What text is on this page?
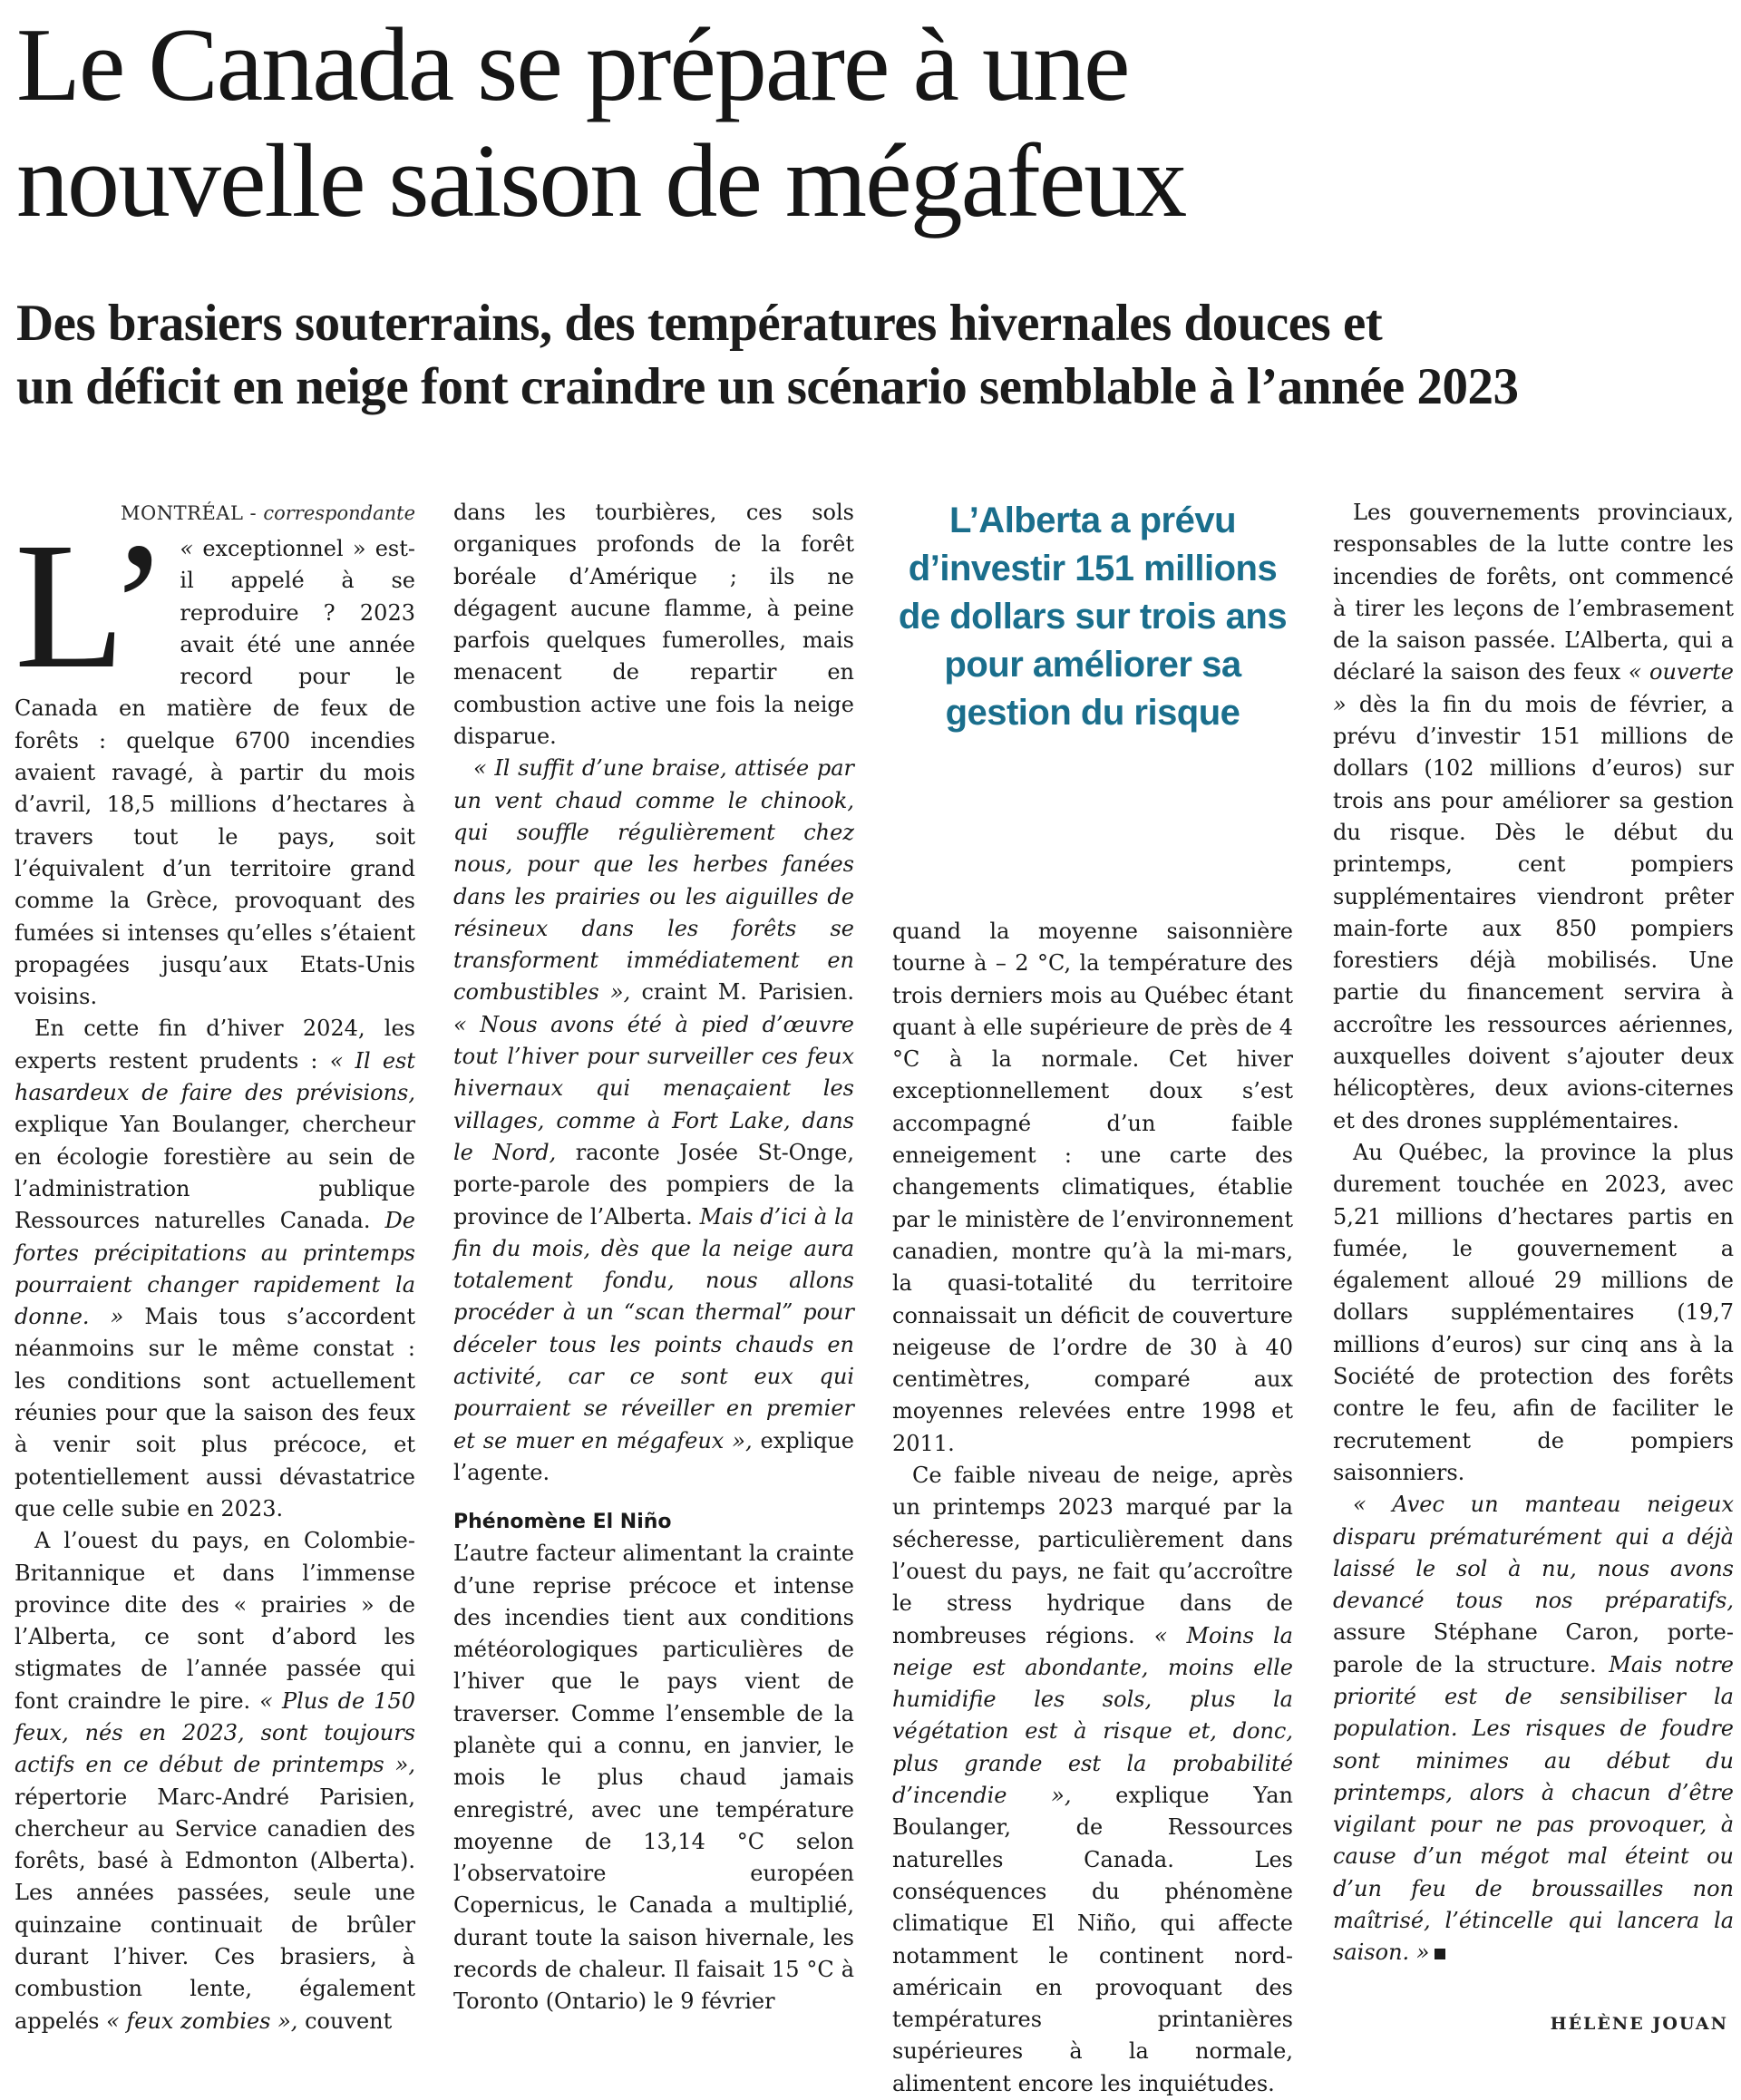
Le Canada se prépare à une
nouvelle saison de mégafeux
Des brasiers souterrains, des températures hivernales douces et
un déficit en neige font craindre un scénario semblable à l’année 2023
MONTRÉAL - correspondante

L’ « exceptionnel » est-il appelé à se reproduire ? 2023 avait été une année record pour le Canada en matière de feux de forêts : quelque 6700 incendies avaient ravagé, à partir du mois d’avril, 18,5 millions d’hectares à travers tout le pays, soit l’équivalent d’un territoire grand comme la Grèce, provoquant des fumées si intenses qu’elles s’étaient propagées jusqu’aux Etats-Unis voisins.

En cette fin d’hiver 2024, les experts restent prudents : « Il est hasardeux de faire des prévisions, explique Yan Boulanger, chercheur en écologie forestière au sein de l’administration publique Ressources naturelles Canada. De fortes précipitations au printemps pourraient changer rapidement la donne. » Mais tous s’accordent néanmoins sur le même constat : les conditions sont actuellement réunies pour que la saison des feux à venir soit plus précoce, et potentiellement aussi dévastatrice que celle subie en 2023.

A l’ouest du pays, en Colombie-Britannique et dans l’immense province dite des « prairies » de l’Alberta, ce sont d’abord les stigmates de l’année passée qui font craindre le pire. « Plus de 150 feux, nés en 2023, sont toujours actifs en ce début de printemps », répertorie Marc-André Parisien, chercheur au Service canadien des forêts, basé à Edmonton (Alberta). Les années passées, seule une quinzaine continuait de brûler durant l’hiver. Ces brasiers, à combustion lente, également appelés « feux zombies », couvent

dans les tourbières, ces sols organiques profonds de la forêt boréale d’Amérique ; ils ne dégagent aucune flamme, à peine parfois quelques fumerolles, mais menacent de repartir en combustion active une fois la neige disparue.

« Il suffit d’une braise, attisée par un vent chaud comme le chinook, qui souffle régulièrement chez nous, pour que les herbes fanées dans les prairies ou les aiguilles de résineux dans les forêts se transforment immédiatement en combustibles », craint M. Parisien. « Nous avons été à pied d’œuvre tout l’hiver pour surveiller ces feux hivernaux qui menaçaient les villages, comme à Fort Lake, dans le Nord, raconte Josée St-Onge, porte-parole des pompiers de la province de l’Alberta. Mais d’ici à la fin du mois, dès que la neige aura totalement fondu, nous allons procéder à un “scan thermal” pour déceler tous les points chauds en activité, car ce sont eux qui pourraient se réveiller en premier et se muer en mégafeux », explique l’agente.

Phénomène El Niño

L’autre facteur alimentant la crainte d’une reprise précoce et intense des incendies tient aux conditions météorologiques particulières de l’hiver que le pays vient de traverser. Comme l’ensemble de la planète qui a connu, en janvier, le mois le plus chaud jamais enregistré, avec une température moyenne de 13,14 °C selon l’observatoire européen Copernicus, le Canada a multiplié, durant toute la saison hivernale, les records de chaleur. Il faisait 15 °C à Toronto (Ontario) le 9 février

L’Alberta a prévu d’investir 151 millions de dollars sur trois ans pour améliorer sa gestion du risque

quand la moyenne saisonnière tourne à – 2 °C, la température des trois derniers mois au Québec étant quant à elle supérieure de près de 4 °C à la normale. Cet hiver exceptionnellement doux s’est accompagné d’un faible enneigement : une carte des changements climatiques, établie par le ministère de l’environnement canadien, montre qu’à la mi-mars, la quasi-totalité du territoire connaissait un déficit de couverture neigeuse de l’ordre de 30 à 40 centimètres, comparé aux moyennes relevées entre 1998 et 2011.

Ce faible niveau de neige, après un printemps 2023 marqué par la sécheresse, particulièrement dans l’ouest du pays, ne fait qu’accroître le stress hydrique dans de nombreuses régions. « Moins la neige est abondante, moins elle humidifie les sols, plus la végétation est à risque et, donc, plus grande est la probabilité d’incendie », explique Yan Boulanger, de Ressources naturelles Canada. Les conséquences du phénomène climatique El Niño, qui affecte notamment le continent nord-américain en provoquant des températures printanières supérieures à la normale, alimentent encore les inquiétudes.

Les gouvernements provinciaux, responsables de la lutte contre les incendies de forêts, ont commencé à tirer les leçons de l’embrasement de la saison passée. L’Alberta, qui a déclaré la saison des feux « ouverte » dès la fin du mois de février, a prévu d’investir 151 millions de dollars (102 millions d’euros) sur trois ans pour améliorer sa gestion du risque. Dès le début du printemps, cent pompiers supplémentaires viendront prêter main-forte aux 850 pompiers forestiers déjà mobilisés. Une partie du financement servira à accroître les ressources aériennes, auxquelles doivent s’ajouter deux hélicoptères, deux avions-citernes et des drones supplémentaires.

Au Québec, la province la plus durement touchée en 2023, avec 5,21 millions d’hectares partis en fumée, le gouvernement a également alloué 29 millions de dollars supplémentaires (19,7 millions d’euros) sur cinq ans à la Société de protection des forêts contre le feu, afin de faciliter le recrutement de pompiers saisonniers.

« Avec un manteau neigeux disparu prématurément qui a déjà laissé le sol à nu, nous avons devancé tous nos préparatifs, assure Stéphane Caron, porte-parole de la structure. Mais notre priorité est de sensibiliser la population. Les risques de foudre sont minimes au début du printemps, alors à chacun d’être vigilant pour ne pas provoquer, à cause d’un mégot mal éteint ou d’un feu de broussailles non maîtrisé, l’étincelle qui lancera la saison. »

HÉLÈNE JOUAN
